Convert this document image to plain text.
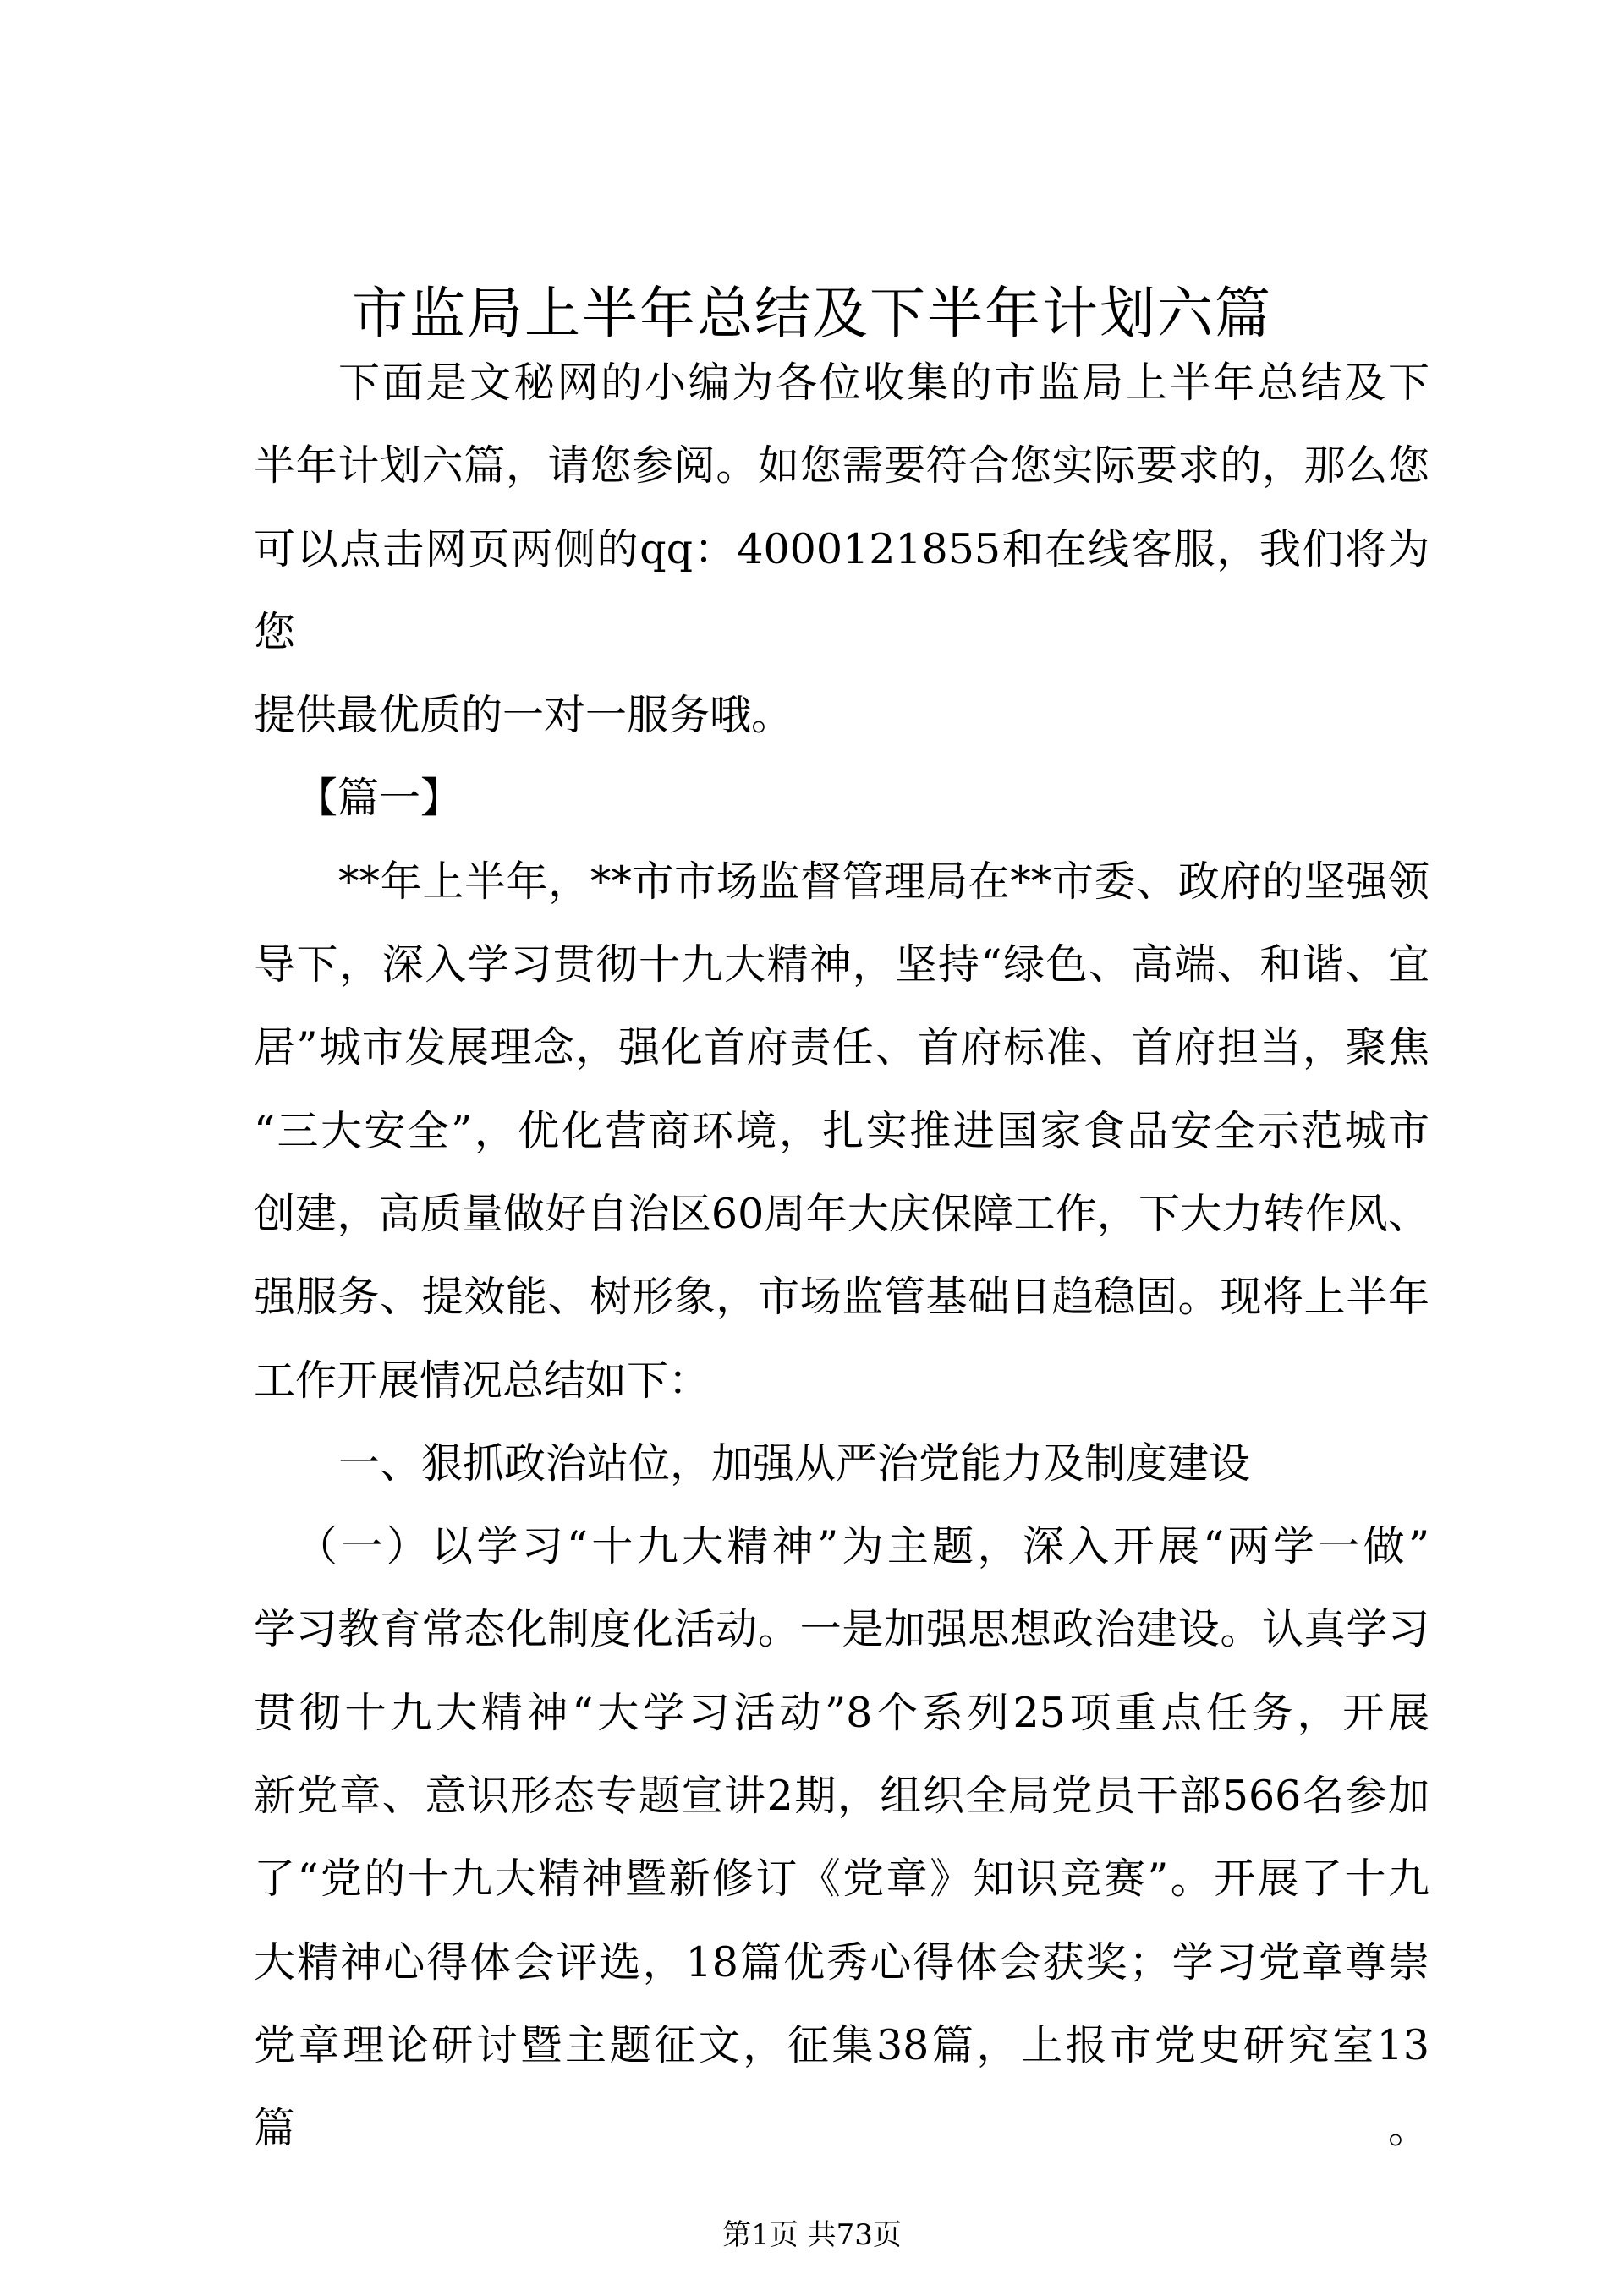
市监局上半年总结及下半年计划六篇
下面是文秘网的小编为各位收集的市监局上半年总结及下
半年计划六篇，请您参阅。如您需要符合您实际要求的，那么您
可以点击网页两侧的qq：4000121855和在线客服，我们将为您
提供最优质的一对一服务哦。
【篇一】
**年上半年，**市市场监督管理局在**市委、政府的坚强领
导下，深入学习贯彻十九大精神，坚持“绿色、高端、和谐、宜
居”城市发展理念，强化首府责任、首府标准、首府担当，聚焦
“三大安全”，优化营商环境，扎实推进国家食品安全示范城市
创建，高质量做好自治区60周年大庆保障工作，下大力转作风、
强服务、提效能、树形象，市场监管基础日趋稳固。现将上半年
工作开展情况总结如下：
一、狠抓政治站位，加强从严治党能力及制度建设
（一）以学习“十九大精神”为主题，深入开展“两学一做”
学习教育常态化制度化活动。一是加强思想政治建设。认真学习
贯彻十九大精神“大学习活动”8个系列25项重点任务，开展
新党章、意识形态专题宣讲2期，组织全局党员干部566名参加
了“党的十九大精神暨新修订《党章》知识竞赛”。开展了十九
大精神心得体会评选，18篇优秀心得体会获奖；学习党章尊崇
党章理论研讨暨主题征文，征集38篇，上报市党史研究室13篇。
第1页 共73页
